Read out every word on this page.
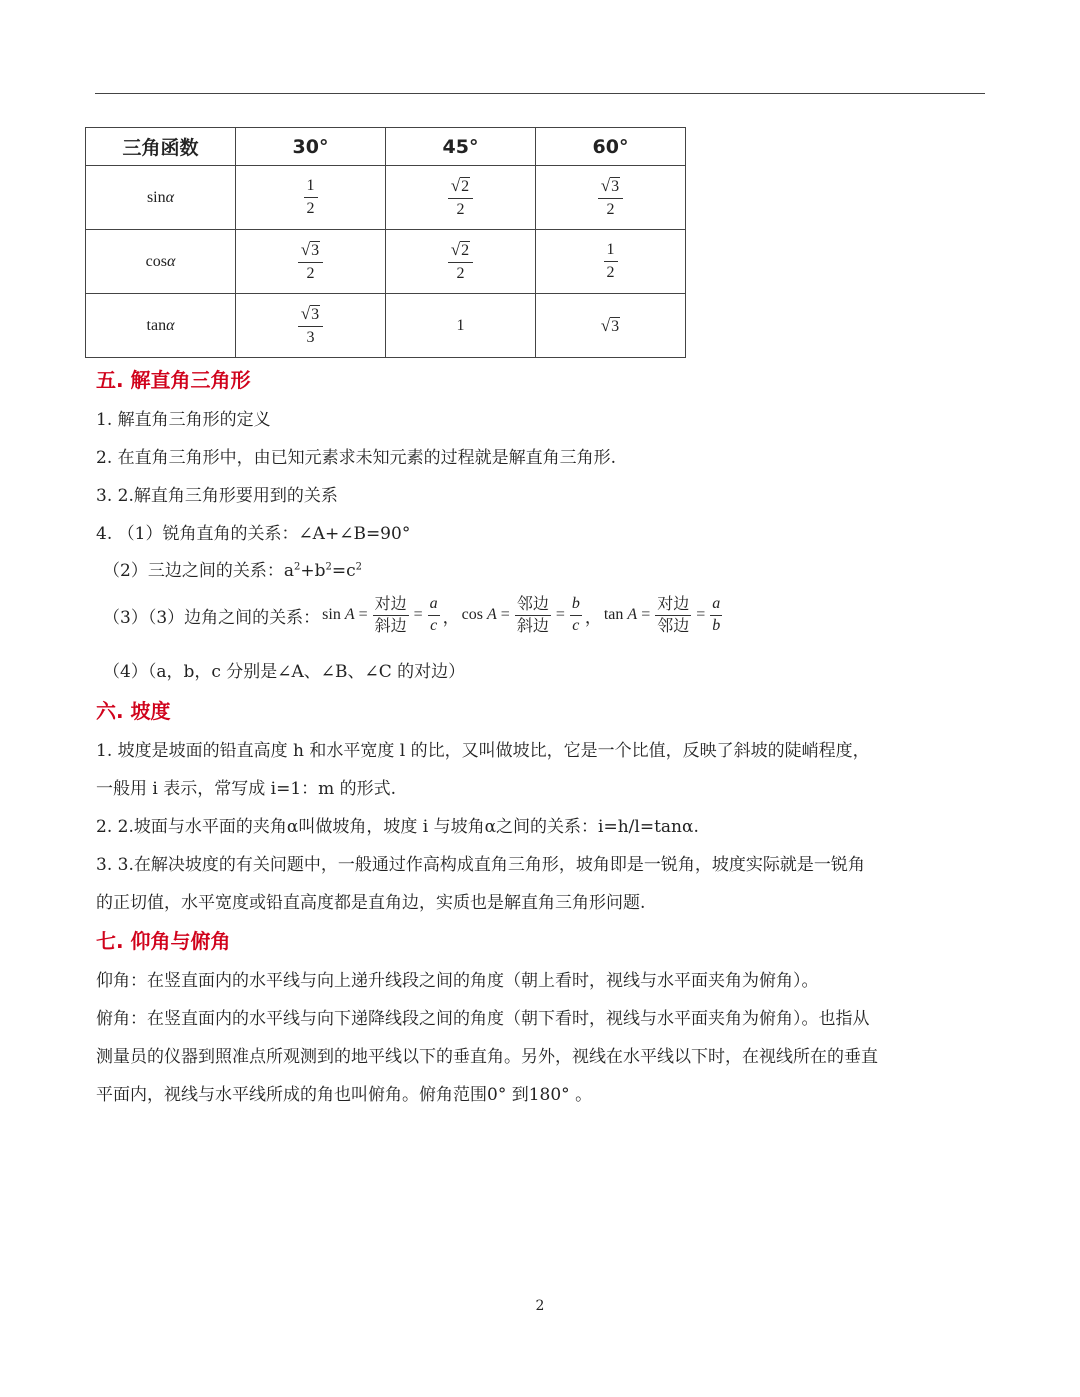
三角函数	30°	45°	60°
sinα	$\frac{1}{2}$	$\frac{√2}{2}$	$\frac{√3}{2}$

cosα	$\frac{√3}{2}$	$\frac{√2}{2}$	$\frac{1}{2}$

tanα	$\frac{√3}{3}$	1	√3
五. 解直角三角形
1. 解直角三角形的定义
2. 在直角三角形中，由已知元素求未知元素的过程就是解直角三角形.
3. 2.解直角三角形要用到的关系
4. （1）锐角直角的关系：∠A+∠B=90°
（2）三边之间的关系：$a^2+b^2=c^2$
（3）（3）边角之间的关系： $\sin A = \frac{\text{对边}}{\text{斜边}} = \frac{a}{c}$ ， $\cos A = \frac{\text{邻边}}{\text{斜边}} = \frac{b}{c}$ ， $\tan A = \frac{\text{对边}}{\text{邻边}} = \frac{a}{b}$
（4）（a，b，c 分别是∠A、∠B、∠C 的对边）
六. 坡度
1. 坡度是坡面的铅直高度 h 和水平宽度 l 的比，又叫做坡比，它是一个比值，反映了斜坡的陡峭程度，
一般用 i 表示，常写成 i=1：m 的形式.
2. 2.坡面与水平面的夹角α叫做坡角，坡度 i 与坡角α之间的关系：i=h/l=tanα.
3. 3.在解决坡度的有关问题中，一般通过作高构成直角三角形，坡角即是一锐角，坡度实际就是一锐角
的正切值，水平宽度或铅直高度都是直角边，实质也是解直角三角形问题.
七. 仰角与俯角
仰角：在竖直面内的水平线与向上递升线段之间的角度（朝上看时，视线与水平面夹角为俯角）。
俯角：在竖直面内的水平线与向下递降线段之间的角度（朝下看时，视线与水平面夹角为俯角）。也指从
测量员的仪器到照准点所观测到的地平线以下的垂直角。另外，视线在水平线以下时，在视线所在的垂直
平面内，视线与水平线所成的角也叫俯角。俯角范围0° 到180° 。
2
